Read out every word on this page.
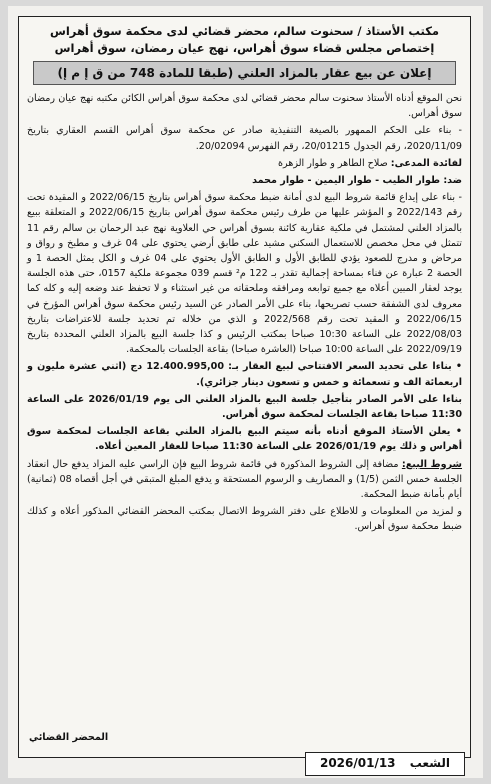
مكتب الأستاذ / سحنوت سالم، محضر قضائي لدى محكمة سوق أهراس
إختصاص مجلس قضاء سوق أهراس، نهج عيان رمضان، سوق أهراس
إعلان عن بيع عقار بالمزاد العلني (طبقا للمادة 748 من ق إ م إ)

نحن الموقع أدناه الأستاذ سحنوت سالم محضر قضائي لدى محكمة سوق أهراس الكائن مكتبه نهج عيان رمضان سوق أهراس.

- بناء على الحكم الممهور بالصيغة التنفيذية صادر عن محكمة سوق أهراس القسم العقاري بتاريخ 2020/11/09، رقم الجدول 20/01215، رقم الفهرس 20/02094.

لفائدة المدعى: صلاح الطاهر و طوار الزهرة

ضد: طوار الطيب - طوار اليمين - طوار محمد

- بناء على إيداع قائمة شروط البيع لدى أمانة ضبط محكمة سوق أهراس بتاريخ 2022/06/15 و المقيدة تحت رقم 2022/143 و المؤشر عليها من طرف رئيس محكمة سوق أهراس بتاريخ 2022/06/15 و المتعلقة ببيع بالمزاد العلني لمشتمل في ملكية عقارية كائنة بسوق أهراس حي العلاوية نهج عبد الرحمان بن سالم رقم 11 تتمثل في محل مخصص للاستعمال السكني مشيد على طابق أرضي يحتوي على 04 غرف و مطبخ و رواق و مرحاض و مدرج للصعود يؤدي للطابق الأول و الطابق الأول يحتوي على 04 غرف و الكل يمثل الحصة 1 و الحصة 2 عبارة عن فناء بمساحة إجمالية تقدر بـ 122 م² قسم 039 مجموعة ملكية 0157، حتى هذه الجلسة يوجد لعقار المبين أعلاه مع جميع توابعه ومرافقه وملحقاته من غير استثناء و لا تحفظ عند وضعه إليه و كله كما معروف لدى الشفقة حسب تصريحها، بناء على الأمر الصادر عن السيد رئيس محكمة سوق أهراس المؤرخ في 2022/06/15 و المقيد تحت رقم 2022/568 و الذي من خلاله تم تحديد جلسة للاعتراضات بتاريخ 2022/08/03 على الساعة 10:30 صباحا بمكتب الرئيس و كذا جلسة البيع بالمزاد العلني المحددة بتاريخ 2022/09/19 على الساعة 10:00 صباحا (العاشرة صباحا) بقاعة الجلسات بالمحكمة.

• بناءا على تحديد السعر الافتتاحي لبيع العقار بـ: 12.400.995,00 دج (اثني عشرة مليون و اربعمائة الف و تسعمائة و خمس و تسعون دينار جزائري).

بناءا على الأمر الصادر بتأجيل جلسة البيع بالمزاد العلني الى يوم 2026/01/19 على الساعة 11:30 صباحا بقاعة الجلسات لمحكمة سوق أهراس.

• يعلن الأستاذ الموقع أدناه بأنه سيتم البيع بالمزاد العلني بقاعة الجلسات لمحكمة سوق أهراس و ذلك يوم 2026/01/19 على الساعة 11:30 صباحا للعقار المعين أعلاه.

شروط البيع: مضافة إلى الشروط المذكورة في قائمة شروط البيع فإن الراسي عليه المزاد يدفع حال انعقاد الجلسة خمس الثمن (1/5) و المصاريف و الرسوم المستحقة و يدفع المبلغ المتبقي في أجل أقصاه 08 (ثمانية) أيام بأمانة ضبط المحكمة.

و لمزيد من المعلومات و للاطلاع على دفتر الشروط الاتصال بمكتب المحضر القضائي المذكور أعلاه و كذلك ضبط محكمة سوق أهراس.

المحضر القضائي
الشعب 2026/01/13
